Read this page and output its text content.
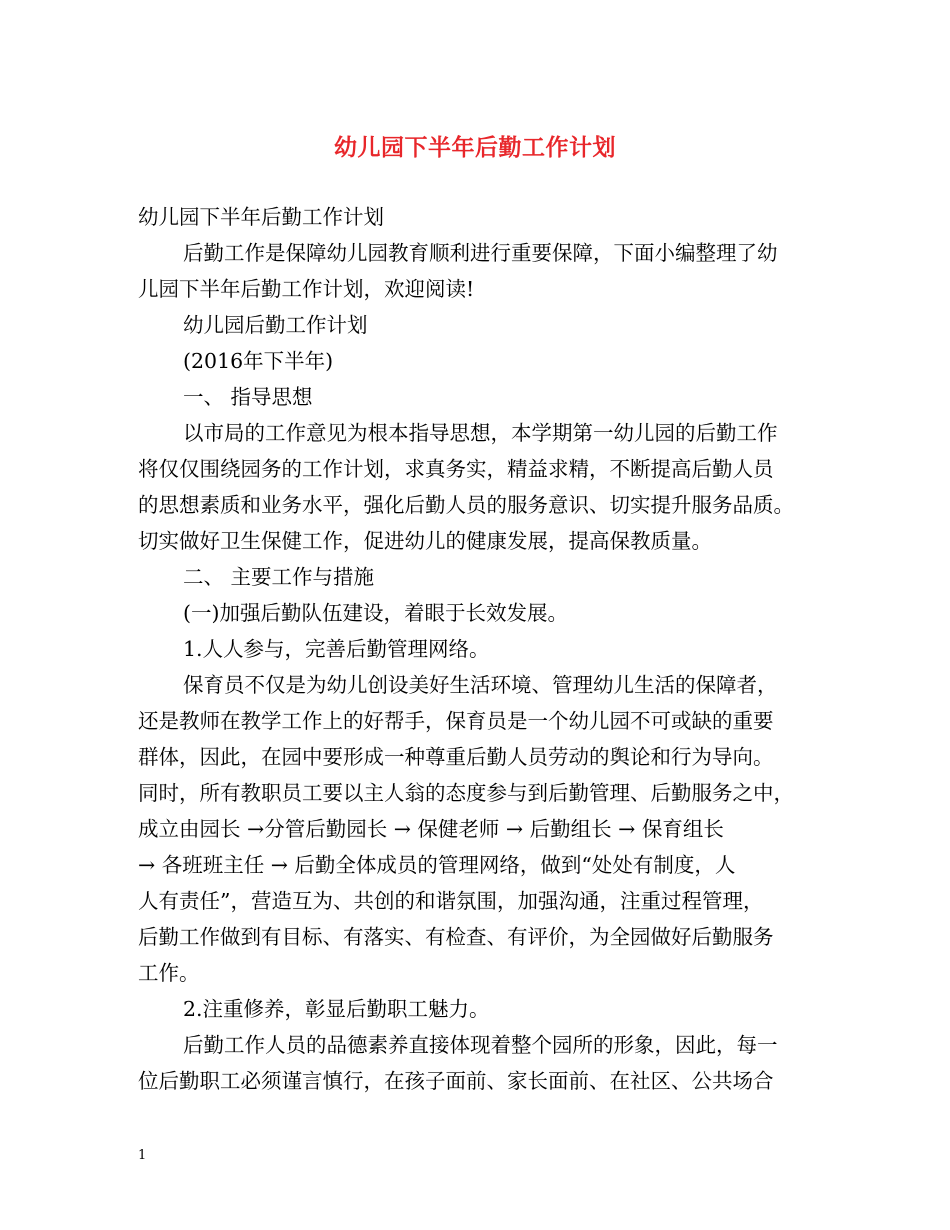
幼儿园下半年后勤工作计划

幼儿园下半年后勤工作计划

后勤工作是保障幼儿园教育顺利进行重要保障，下面小编整理了幼

儿园下半年后勤工作计划，欢迎阅读!

幼儿园后勤工作计划

(2016年下半年)

一、 指导思想

以市局的工作意见为根本指导思想，本学期第一幼儿园的后勤工作

将仅仅围绕园务的工作计划，求真务实，精益求精，不断提高后勤人员

的思想素质和业务水平，强化后勤人员的服务意识、切实提升服务品质。

切实做好卫生保健工作，促进幼儿的健康发展，提高保教质量。

二、 主要工作与措施

(一)加强后勤队伍建设，着眼于长效发展。

1.人人参与，完善后勤管理网络。

保育员不仅是为幼儿创设美好生活环境、管理幼儿生活的保障者，

还是教师在教学工作上的好帮手，保育员是一个幼儿园不可或缺的重要

群体，因此，在园中要形成一种尊重后勤人员劳动的舆论和行为导向。

同时，所有教职员工要以主人翁的态度参与到后勤管理、后勤服务之中，

成立由园长 →分管后勤园长 → 保健老师 → 后勤组长 → 保育组长

→ 各班班主任 → 后勤全体成员的管理网络，做到“处处有制度，人

人有责任”，营造互为、共创的和谐氛围，加强沟通，注重过程管理，

后勤工作做到有目标、有落实、有检查、有评价，为全园做好后勤服务

工作。

2.注重修养，彰显后勤职工魅力。

后勤工作人员的品德素养直接体现着整个园所的形象，因此，每一

位后勤职工必须谨言慎行，在孩子面前、家长面前、在社区、公共场合

1
